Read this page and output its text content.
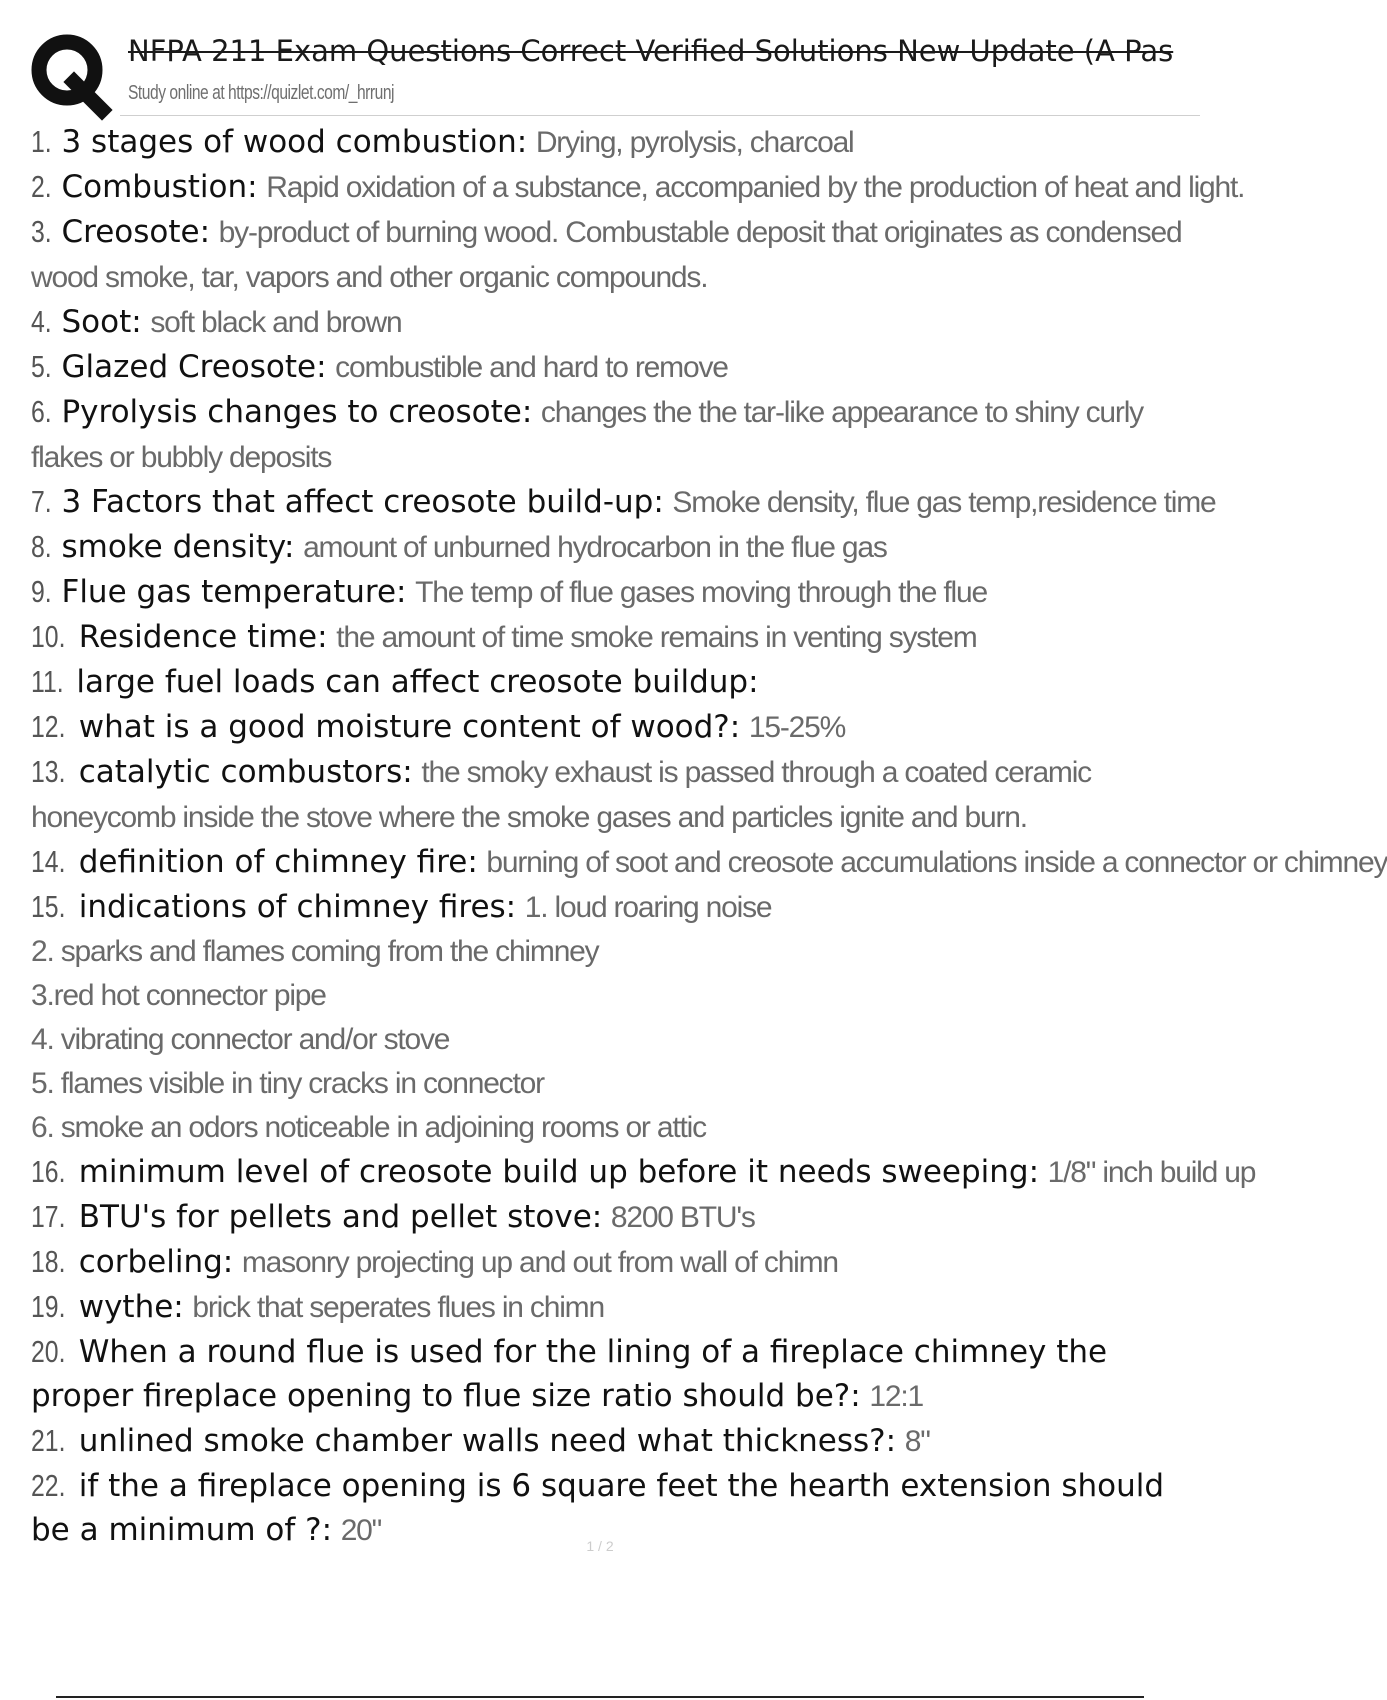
NFPA 211 Exam Questions Correct Verified Solutions New Update (A Pas
Study online at https://quizlet.com/_hrrunj

1. 3 stages of wood combustion: Drying, pyrolysis, charcoal

2. Combustion: Rapid oxidation of a substance, accompanied by the production of heat and light.

3. Creosote: by-product of burning wood. Combustable deposit that originates as condensed wood smoke, tar, vapors and other organic compounds.

4. Soot: soft black and brown

5. Glazed Creosote: combustible and hard to remove

6. Pyrolysis changes to creosote: changes the the tar-like appearance to shiny curly flakes or bubbly deposits

7. 3 Factors that affect creosote build-up: Smoke density, flue gas temp,residence time

8. smoke density: amount of unburned hydrocarbon in the flue gas

9. Flue gas temperature: The temp of flue gases moving through the flue

10. Residence time: the amount of time smoke remains in venting system

11. large fuel loads can affect creosote buildup:

12. what is a good moisture content of wood?: 15-25%

13. catalytic combustors: the smoky exhaust is passed through a coated ceramic honeycomb inside the stove where the smoke gases and particles ignite and burn.

14. definition of chimney fire: burning of soot and creosote accumulations inside a connector or chimney

15. indications of chimney fires: 1. loud roaring noise

2. sparks and flames coming from the chimney

3.red hot connector pipe

4. vibrating connector and/or stove

5. flames visible in tiny cracks in connector

6. smoke an odors noticeable in adjoining rooms or attic

16. minimum level of creosote build up before it needs sweeping: 1/8" inch build up

17. BTU's for pellets and pellet stove: 8200 BTU's

18. corbeling: masonry projecting up and out from wall of chimn

19. wythe: brick that seperates flues in chimn

20. When a round flue is used for the lining of a fireplace chimney the proper fireplace opening to flue size ratio should be?: 12:1

21. unlined smoke chamber walls need what thickness?: 8"

22. if the a fireplace opening is 6 square feet the hearth extension should be a minimum of ?: 20"	1 / 2
